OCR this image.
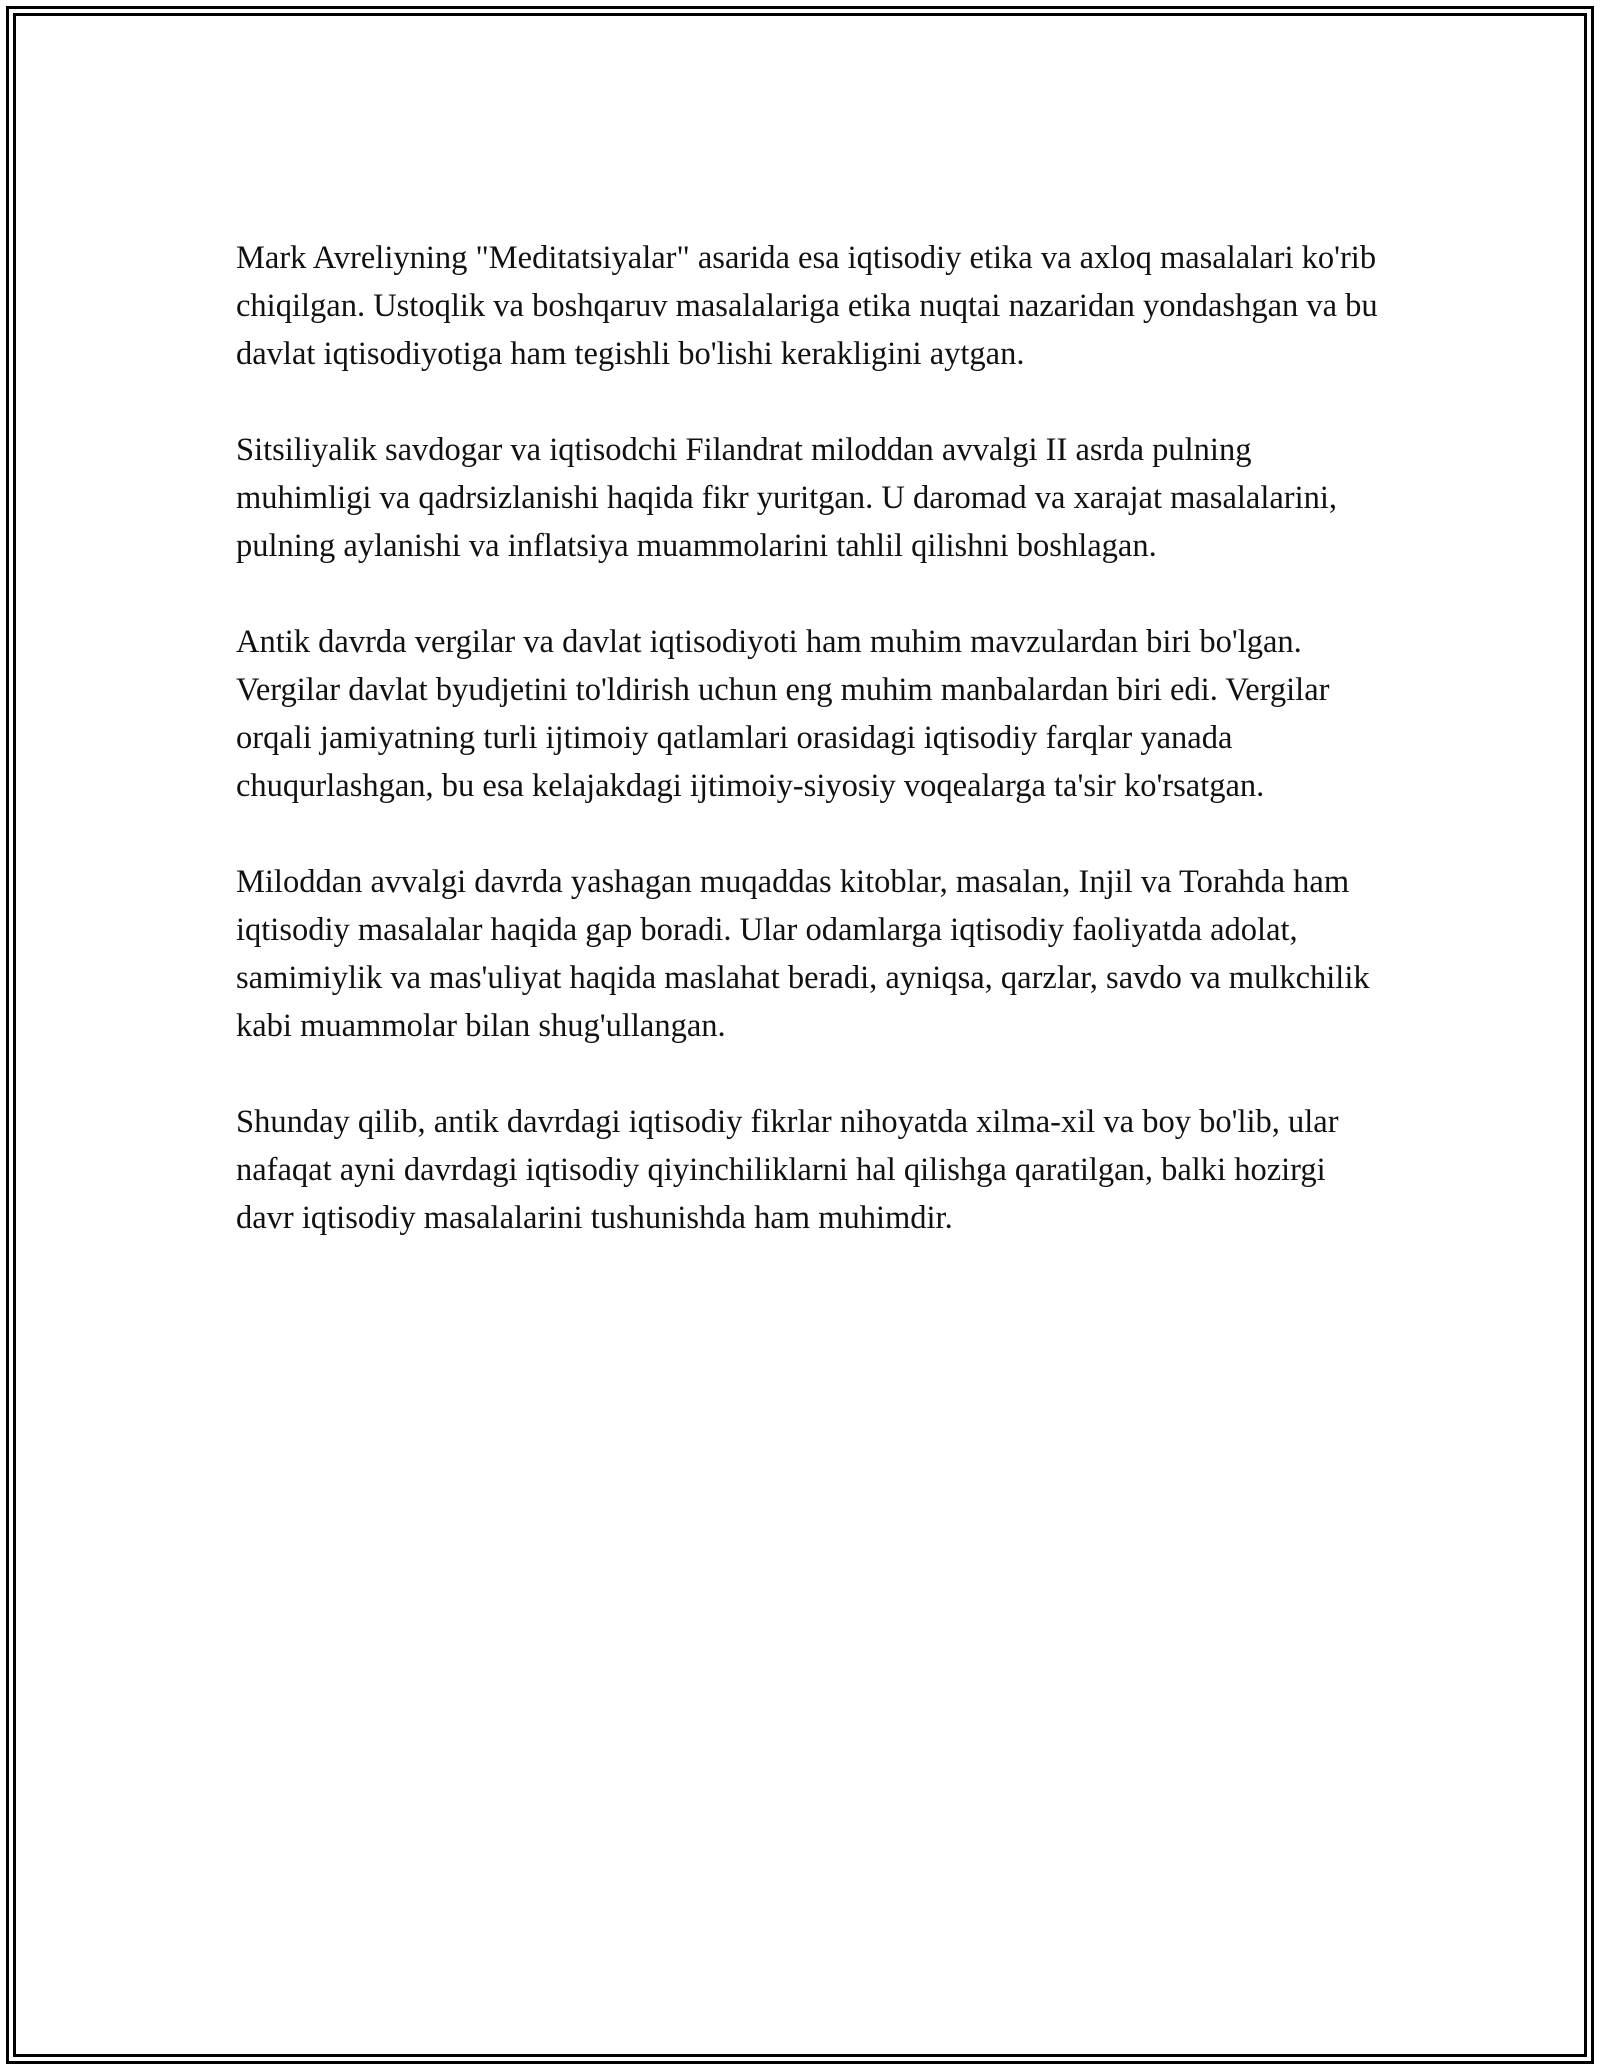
Mark Avreliyning "Meditatsiyalar" asarida esa iqtisodiy etika va axloq masalalari ko'rib chiqilgan. Ustoqlik va boshqaruv masalalariga etika nuqtai nazaridan yondashgan va bu davlat iqtisodiyotiga ham tegishli bo'lishi kerakligini aytgan.

Sitsiliyalik savdogar va iqtisodchi Filandrat miloddan avvalgi II asrda pulning muhimligi va qadrsizlanishi haqida fikr yuritgan. U daromad va xarajat masalalarini, pulning aylanishi va inflatsiya muammolarini tahlil qilishni boshlagan.

Antik davrda vergilar va davlat iqtisodiyoti ham muhim mavzulardan biri bo'lgan. Vergilar davlat byudjetini to'ldirish uchun eng muhim manbalardan biri edi. Vergilar orqali jamiyatning turli ijtimoiy qatlamlari orasidagi iqtisodiy farqlar yanada chuqurlashgan, bu esa kelajakdagi ijtimoiy-siyosiy voqealarga ta'sir ko'rsatgan.

Miloddan avvalgi davrda yashagan muqaddas kitoblar, masalan, Injil va Torahda ham iqtisodiy masalalar haqida gap boradi. Ular odamlarga iqtisodiy faoliyatda adolat, samimiylik va mas'uliyat haqida maslahat beradi, ayniqsa, qarzlar, savdo va mulkchilik kabi muammolar bilan shug'ullangan.

Shunday qilib, antik davrdagi iqtisodiy fikrlar nihoyatda xilma-xil va boy bo'lib, ular nafaqat ayni davrdagi iqtisodiy qiyinchiliklarni hal qilishga qaratilgan, balki hozirgi davr iqtisodiy masalalarini tushunishda ham muhimdir.
